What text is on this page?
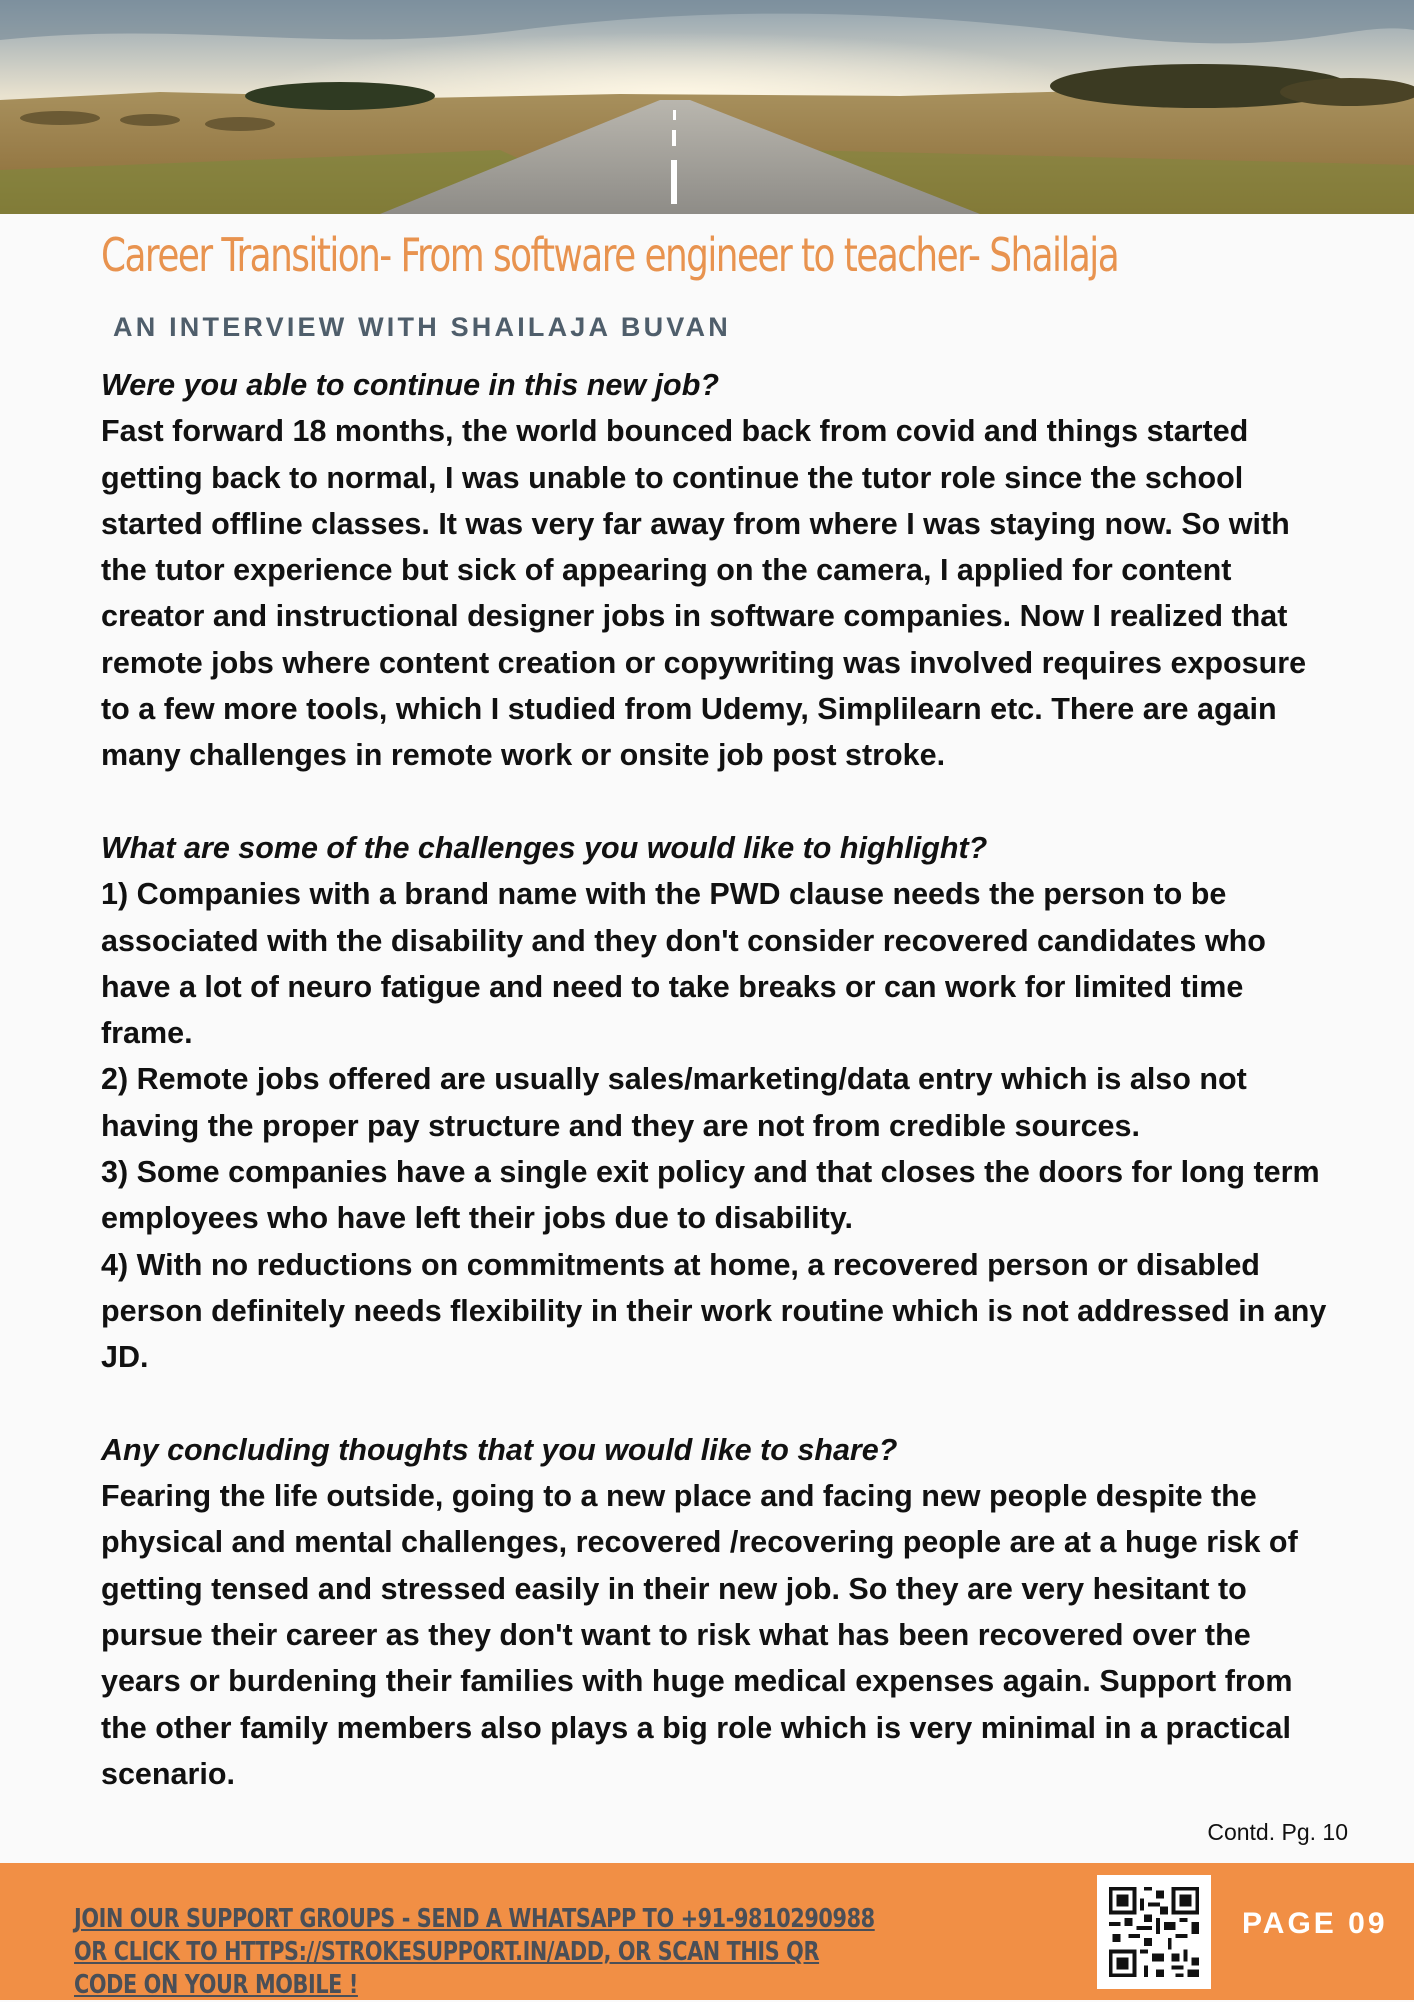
Career Transition- From software engineer to teacher- Shailaja
AN INTERVIEW WITH SHAILAJA BUVAN

Were you able to continue in this new job?

Fast forward 18 months, the world bounced back from covid and things started getting back to normal, I was unable to continue the tutor role since the school started offline classes. It was very far away from where I was staying now. So with the tutor experience but sick of appearing on the camera, I applied for content creator and instructional designer jobs in software companies. Now I realized that remote jobs where content creation or copywriting was involved requires exposure to a few more tools, which I studied from Udemy, Simplilearn etc. There are again many challenges in remote work or onsite job post stroke.

What are some of the challenges you would like to highlight?

1) Companies with a brand name with the PWD clause needs the person to be associated with the disability and they don't consider recovered candidates who have a lot of neuro fatigue and need to take breaks or can work for limited time frame.

2) Remote jobs offered are usually sales/marketing/data entry which is also not having the proper pay structure and they are not from credible sources.

3) Some companies have a single exit policy and that closes the doors for long term employees who have left their jobs due to disability.

4) With no reductions on commitments at home, a recovered person or disabled person definitely needs flexibility in their work routine which is not addressed in any JD.

Any concluding thoughts that you would like to share?

Fearing the life outside, going to a new place and facing new people despite the physical and mental challenges, recovered /recovering people are at a huge risk of getting tensed and stressed easily in their new job. So they are very hesitant to pursue their career as they don't want to risk what has been recovered over the years or burdening their families with huge medical expenses again. Support from the other family members also plays a big role which is very minimal in a practical scenario.

Contd. Pg. 10
JOIN OUR SUPPORT GROUPS - SEND A WHATSAPP TO +91-9810290988 OR CLICK TO HTTPS://STROKESUPPORT.IN/ADD, OR SCAN THIS QR CODE ON YOUR MOBILE !
PAGE 09
